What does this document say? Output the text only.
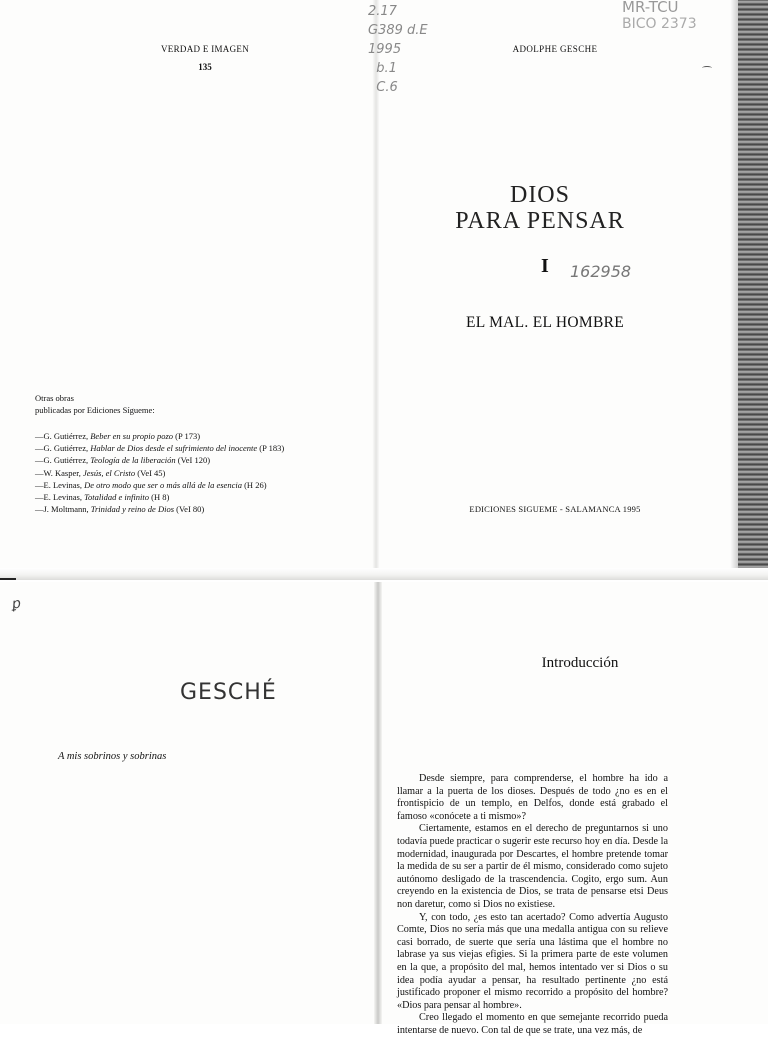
VERDAD E IMAGEN
135
Otras obras
publicadas por Ediciones Sígueme:
—G. Gutiérrez, Beber en su propio pozo (P 173)
—G. Gutiérrez, Hablar de Dios desde el sufrimiento del inocente (P 183)
—G. Gutiérrez, Teología de la liberación (VeI 120)
—W. Kasper, Jesús, el Cristo (VeI 45)
—E. Levinas, De otro modo que ser o más allá de la esencia (H 26)
—E. Levinas, Totalidad e infinito (H 8)
—J. Moltmann, Trinidad y reino de Dios (VeI 80)
2.17
G389 d.E
1995
b.1
C.6
MR-TCU
BICO 2373
ADOLPHE GESCHE
DIOS
PARA PENSAR
I 162958
EL MAL. EL HOMBRE
EDICIONES SIGUEME - SALAMANCA 1995
ꝑ
GESCHÉ
A mis sobrinos y sobrinas
Introducción

Desde siempre, para comprenderse, el hombre ha ido a llamar a la puerta de los dioses. Después de todo ¿no es en el frontispicio de un templo, en Delfos, donde está grabado el famoso «conócete a ti mismo»?

Ciertamente, estamos en el derecho de preguntarnos si uno todavía puede practicar o sugerir este recurso hoy en día. Desde la modernidad, inaugurada por Descartes, el hombre pretende tomar la medida de su ser a partir de él mismo, considerado como sujeto autónomo desligado de la trascendencia. Cogito, ergo sum. Aun creyendo en la existencia de Dios, se trata de pensarse etsi Deus non daretur, como si Dios no existiese.

Y, con todo, ¿es esto tan acertado? Como advertía Augusto Comte, Dios no sería más que una medalla antigua con su relieve casi borrado, de suerte que sería una lástima que el hombre no labrase ya sus viejas efigies. Si la primera parte de este volumen en la que, a propósito del mal, hemos intentado ver si Dios o su idea podía ayudar a pensar, ha resultado pertinente ¿no está justificado proponer el mismo recorrido a propósito del hombre? «Dios para pensar al hombre».

Creo llegado el momento en que semejante recorrido pueda intentarse de nuevo. Con tal de que se trate, una vez más, de
